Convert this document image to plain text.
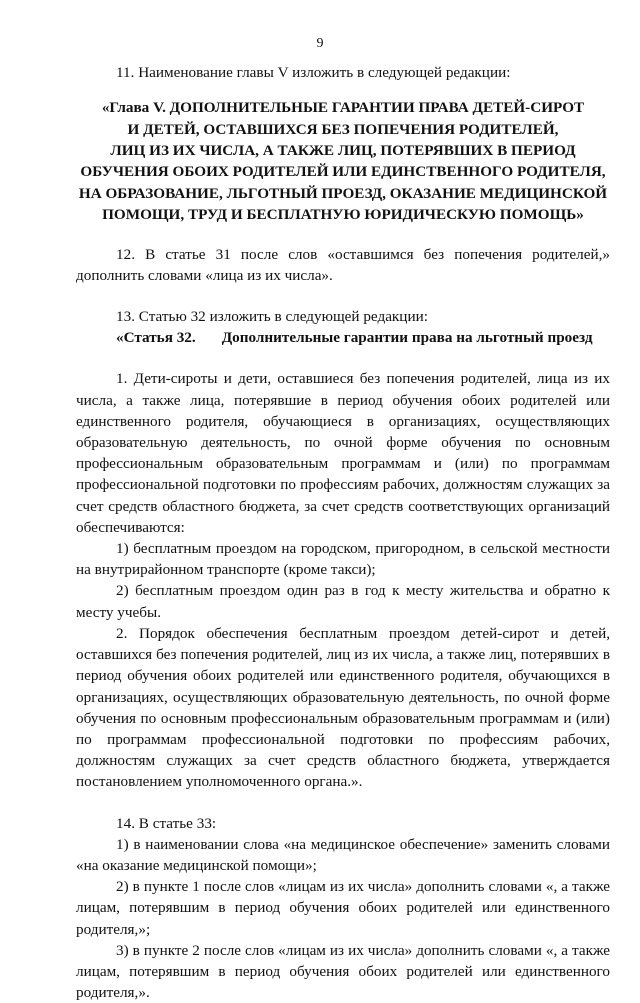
9

11. Наименование главы V изложить в следующей редакции:

«Глава V. ДОПОЛНИТЕЛЬНЫЕ ГАРАНТИИ ПРАВА ДЕТЕЙ-СИРОТ
И ДЕТЕЙ, ОСТАВШИХСЯ БЕЗ ПОПЕЧЕНИЯ РОДИТЕЛЕЙ,
ЛИЦ ИЗ ИХ ЧИСЛА, А ТАКЖЕ ЛИЦ, ПОТЕРЯВШИХ В ПЕРИОД
ОБУЧЕНИЯ ОБОИХ РОДИТЕЛЕЙ ИЛИ ЕДИНСТВЕННОГО РОДИТЕЛЯ,
НА ОБРАЗОВАНИЕ, ЛЬГОТНЫЙ ПРОЕЗД, ОКАЗАНИЕ МЕДИЦИНСКОЙ
ПОМОЩИ, ТРУД И БЕСПЛАТНУЮ ЮРИДИЧЕСКУЮ ПОМОЩЬ»

12. В статье 31 после слов «оставшимся без попечения родителей,» дополнить словами «лица из их числа».

13. Статью 32 изложить в следующей редакции:

«Статья 32. Дополнительные гарантии права на льготный проезд

1. Дети-сироты и дети, оставшиеся без попечения родителей, лица из их числа, а также лица, потерявшие в период обучения обоих родителей или единственного родителя, обучающиеся в организациях, осуществляющих образовательную деятельность, по очной форме обучения по основным профессиональным образовательным программам и (или) по программам профессиональной подготовки по профессиям рабочих, должностям служащих за счет средств областного бюджета, за счет средств соответствующих организаций обеспечиваются:

1) бесплатным проездом на городском, пригородном, в сельской местности на внутрирайонном транспорте (кроме такси);

2) бесплатным проездом один раз в год к месту жительства и обратно к месту учебы.

2. Порядок обеспечения бесплатным проездом детей-сирот и детей, оставшихся без попечения родителей, лиц из их числа, а также лиц, потерявших в период обучения обоих родителей или единственного родителя, обучающихся в организациях, осуществляющих образовательную деятельность, по очной форме обучения по основным профессиональным образовательным программам и (или) по программам профессиональной подготовки по профессиям рабочих, должностям служащих за счет средств областного бюджета, утверждается постановлением уполномоченного органа.».

14. В статье 33:

1) в наименовании слова «на медицинское обеспечение» заменить словами «на оказание медицинской помощи»;

2) в пункте 1 после слов «лицам из их числа» дополнить словами «, а также лицам, потерявшим в период обучения обоих родителей или единственного родителя,»;

3) в пункте 2 после слов «лицам из их числа» дополнить словами «, а также лицам, потерявшим в период обучения обоих родителей или единственного родителя,».
